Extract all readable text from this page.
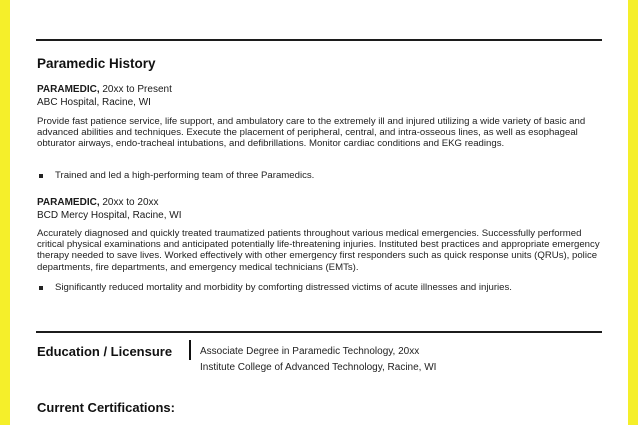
Paramedic History
PARAMEDIC, 20xx to Present
ABC Hospital, Racine, WI
Provide fast patience service, life support, and ambulatory care to the extremely ill and injured utilizing a wide variety of basic and advanced abilities and techniques. Execute the placement of peripheral, central, and intra-osseous lines, as well as esophageal obturator airways, endo-tracheal intubations, and defibrillations. Monitor cardiac conditions and EKG readings.
Trained and led a high-performing team of three Paramedics.
PARAMEDIC, 20xx to 20xx
BCD Mercy Hospital, Racine, WI
Accurately diagnosed and quickly treated traumatized patients throughout various medical emergencies. Successfully performed critical physical examinations and anticipated potentially life-threatening injuries. Instituted best practices and appropriate emergency therapy needed to save lives. Worked effectively with other emergency first responders such as quick response units (QRUs), police departments, fire departments, and emergency medical technicians (EMTs).
Significantly reduced mortality and morbidity by comforting distressed victims of acute illnesses and injuries.
Education / Licensure	Associate Degree in Paramedic Technology, 20xx
Institute College of Advanced Technology, Racine, WI
Current Certifications:
